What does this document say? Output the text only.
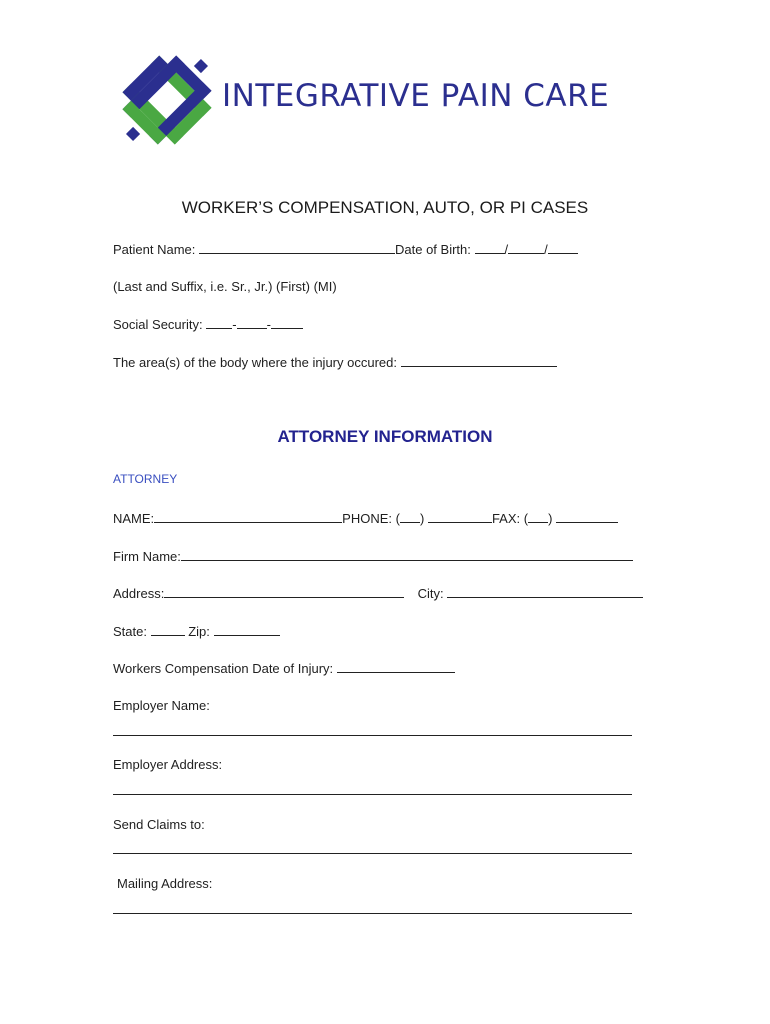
INTEGRATIVE PAIN CARE
WORKER’S COMPENSATION, AUTO, OR PI CASES
Patient Name:	Date of Birth:	/	/
(Last and Suffix, i.e. Sr., Jr.) (First) (MI)
Social Security: - -
The area(s) of the body where the injury occured:
ATTORNEY INFORMATION
ATTORNEY
NAME:	PHONE: ( )	FAX: ( )
Firm Name:
Address:	City:
State:	Zip:
Workers Compensation Date of Injury:
Employer Name:
Employer Address:
Send Claims to:
Mailing Address:
